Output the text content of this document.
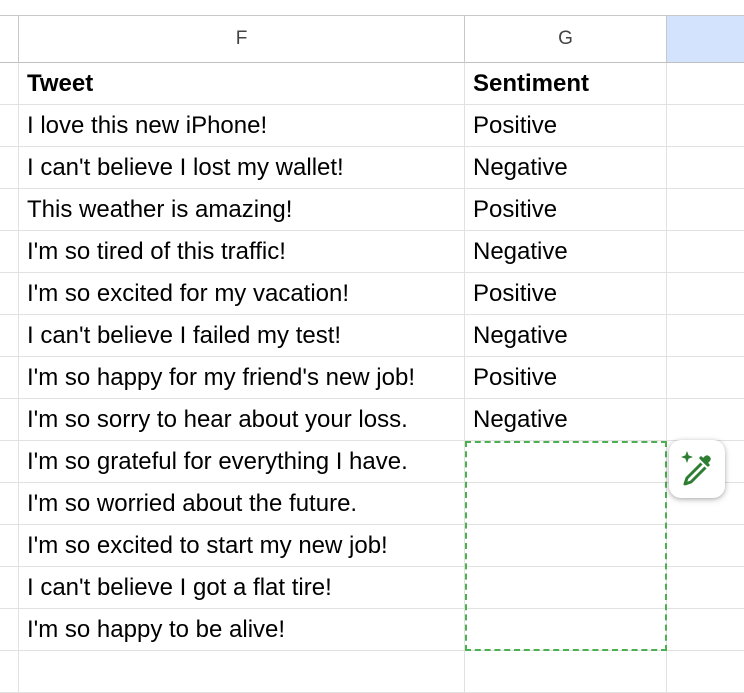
F	G
Tweet	Sentiment
I love this new iPhone!	Positive
I can't believe I lost my wallet!	Negative
This weather is amazing!	Positive
I'm so tired of this traffic!	Negative
I'm so excited for my vacation!	Positive
I can't believe I failed my test!	Negative
I'm so happy for my friend's new job!	Positive
I'm so sorry to hear about your loss.	Negative
I'm so grateful for everything I have.
I'm so worried about the future.
I'm so excited to start my new job!
I can't believe I got a flat tire!
I'm so happy to be alive!
